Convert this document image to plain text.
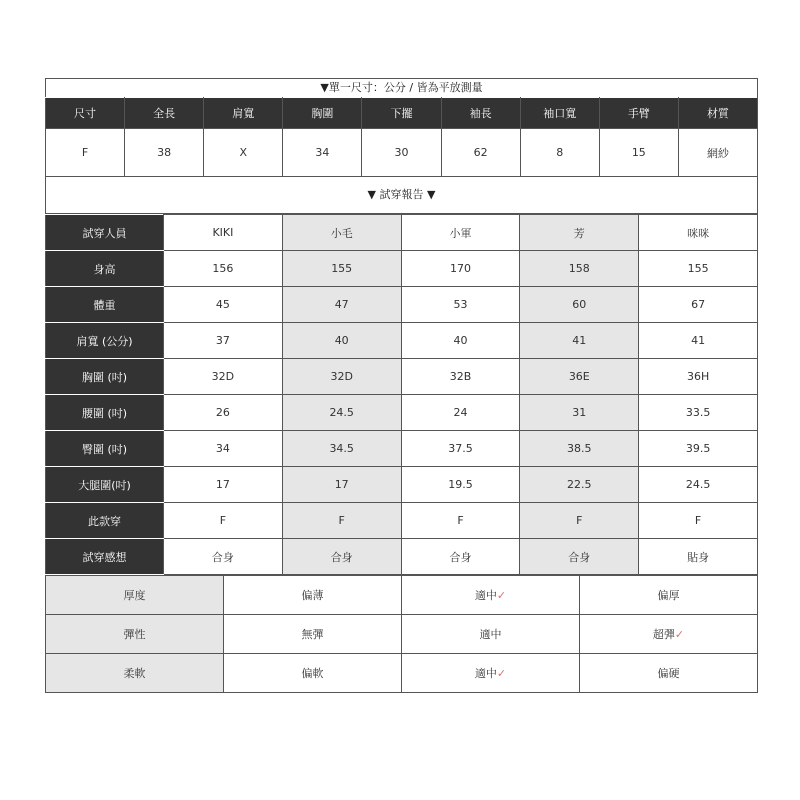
▼單一尺寸：公分 / 皆為平放測量
尺寸	全長	肩寬	胸圍	下擺	袖長	袖口寬	手臂	材質
F	38	X	34	30	62	8	15	網紗
▼ 試穿報告 ▼
試穿人員	KIKI	小毛	小軍	芳	咪咪
身高	156	155	170	158	155
體重	45	47	53	60	67
肩寬 (公分)	37	40	40	41	41
胸圍 (吋)	32D	32D	32B	36E	36H
腰圍 (吋)	26	24.5	24	31	33.5
臀圍 (吋)	34	34.5	37.5	38.5	39.5
大腿圍(吋)	17	17	19.5	22.5	24.5
此款穿	F	F	F	F	F
試穿感想	合身	合身	合身	合身	貼身
厚度	偏薄	適中✓	偏厚
彈性	無彈	適中	超彈✓
柔軟	偏軟	適中✓	偏硬
